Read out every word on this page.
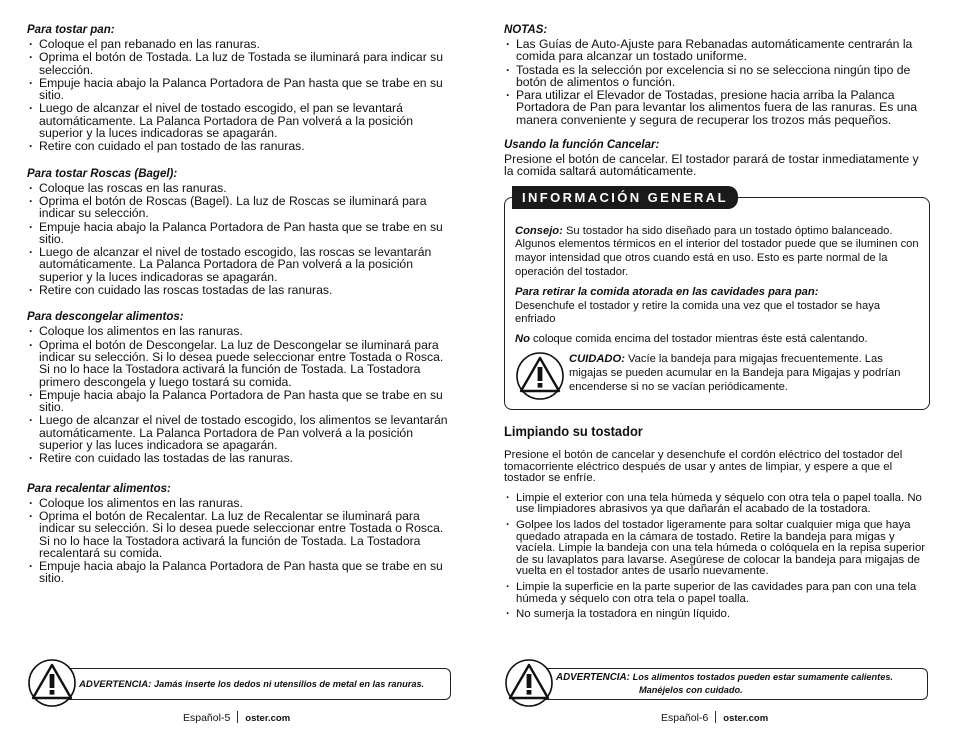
Para tostar pan:
· Coloque el pan rebanado en las ranuras.
· Oprima el botón de Tostada. La luz de Tostada se iluminará para indicar su selección.
· Empuje hacia abajo la Palanca Portadora de Pan hasta que se trabe en su sitio.
· Luego de alcanzar el nivel de tostado escogido, el pan se levantará automáticamente. La Palanca Portadora de Pan volverá a la posición superior y la luces indicadoras se apagarán.
· Retire con cuidado el pan tostado de las ranuras.
Para tostar Roscas (Bagel):
· Coloque las roscas en las ranuras.
· Oprima el botón de Roscas (Bagel). La luz de Roscas se iluminará para indicar su selección.
· Empuje hacia abajo la Palanca Portadora de Pan hasta que se trabe en su sitio.
· Luego de alcanzar el nivel de tostado escogido, las roscas se levantarán automáticamente. La Palanca Portadora de Pan volverá a la posición superior y la luces indicadoras se apagarán.
· Retire con cuidado las roscas tostadas de las ranuras.
Para descongelar alimentos:
· Coloque los alimentos en las ranuras.
· Oprima el botón de Descongelar. La luz de Descongelar se iluminará para indicar su selección. Si lo desea puede seleccionar entre Tostada o Rosca. Si no lo hace la Tostadora activará la función de Tostada. La Tostadora primero descongela y luego tostará su comida.
· Empuje hacia abajo la Palanca Portadora de Pan hasta que se trabe en su sitio.
· Luego de alcanzar el nivel de tostado escogido, los alimentos se levantarán automáticamente. La Palanca Portadora de Pan volverá a la posición superior y las luces indicadora se apagarán.
· Retire con cuidado las tostadas de las ranuras.
Para recalentar alimentos:
· Coloque los alimentos en las ranuras.
· Oprima el botón de Recalentar. La luz de Recalentar se iluminará para indicar su selección. Si lo desea puede seleccionar entre Tostada o Rosca. Si no lo hace la Tostadora activará la función de Tostada. La Tostadora recalentará su comida.
· Empuje hacia abajo la Palanca Portadora de Pan hasta que se trabe en su sitio.
NOTAS:
· Las Guías de Auto-Ajuste para Rebanadas automáticamente centrarán la comida para alcanzar un tostado uniforme.
· Tostada es la selección por excelencia si no se selecciona ningún tipo de botón de alimentos o función.
· Para utilizar el Elevador de Tostadas, presione hacia arriba la Palanca Portadora de Pan para levantar los alimentos fuera de las ranuras. Es una manera conveniente y segura de recuperar los trozos más pequeños.
Usando la función Cancelar:
Presione el botón de cancelar. El tostador parará de tostar inmediatamente y la comida saltará automáticamente.
INFORMACIÓN GENERAL

Consejo: Su tostador ha sido diseñado para un tostado óptimo balanceado. Algunos elementos térmicos en el interior del tostador puede que se iluminen con mayor intensidad que otros cuando está en uso. Esto es parte normal de la operación del tostador.

Para retirar la comida atorada en las cavidades para pan:

Desenchufe el tostador y retire la comida una vez que el tostador se haya enfriado

No coloque comida encima del tostador mientras éste está calentando.

CUIDADO: Vacíe la bandeja para migajas frecuentemente. Las migajas se pueden acumular en la Bandeja para Migajas y podrían encenderse si no se vacían periódicamente.
Limpiando su tostador

Presione el botón de cancelar y desenchufe el cordón eléctrico del tostador del tomacorriente eléctrico después de usar y antes de limpiar, y espere a que el tostador se enfríe.

· Limpie el exterior con una tela húmeda y séquelo con otra tela o papel toalla. No use limpiadores abrasivos ya que dañarán el acabado de la tostadora.
· Golpee los lados del tostador ligeramente para soltar cualquier miga que haya quedado atrapada en la cámara de tostado. Retire la bandeja para migas y vacíela. Limpie la bandeja con una tela húmeda o colóquela en la repisa superior de su lavaplatos para lavarse. Asegúrese de colocar la bandeja para migajas de vuelta en el tostador antes de usarlo nuevamente.
· Limpie la superficie en la parte superior de las cavidades para pan con una tela húmeda y séquelo con otra tela o papel toalla.
· No sumerja la tostadora en ningún líquido.
ADVERTENCIA: Jamás inserte los dedos ni utensilios de metal en las ranuras.
ADVERTENCIA: Los alimentos tostados pueden estar sumamente calientes.
Manéjelos con cuidado.
Español-5 oster.com	Español-6 oster.com
